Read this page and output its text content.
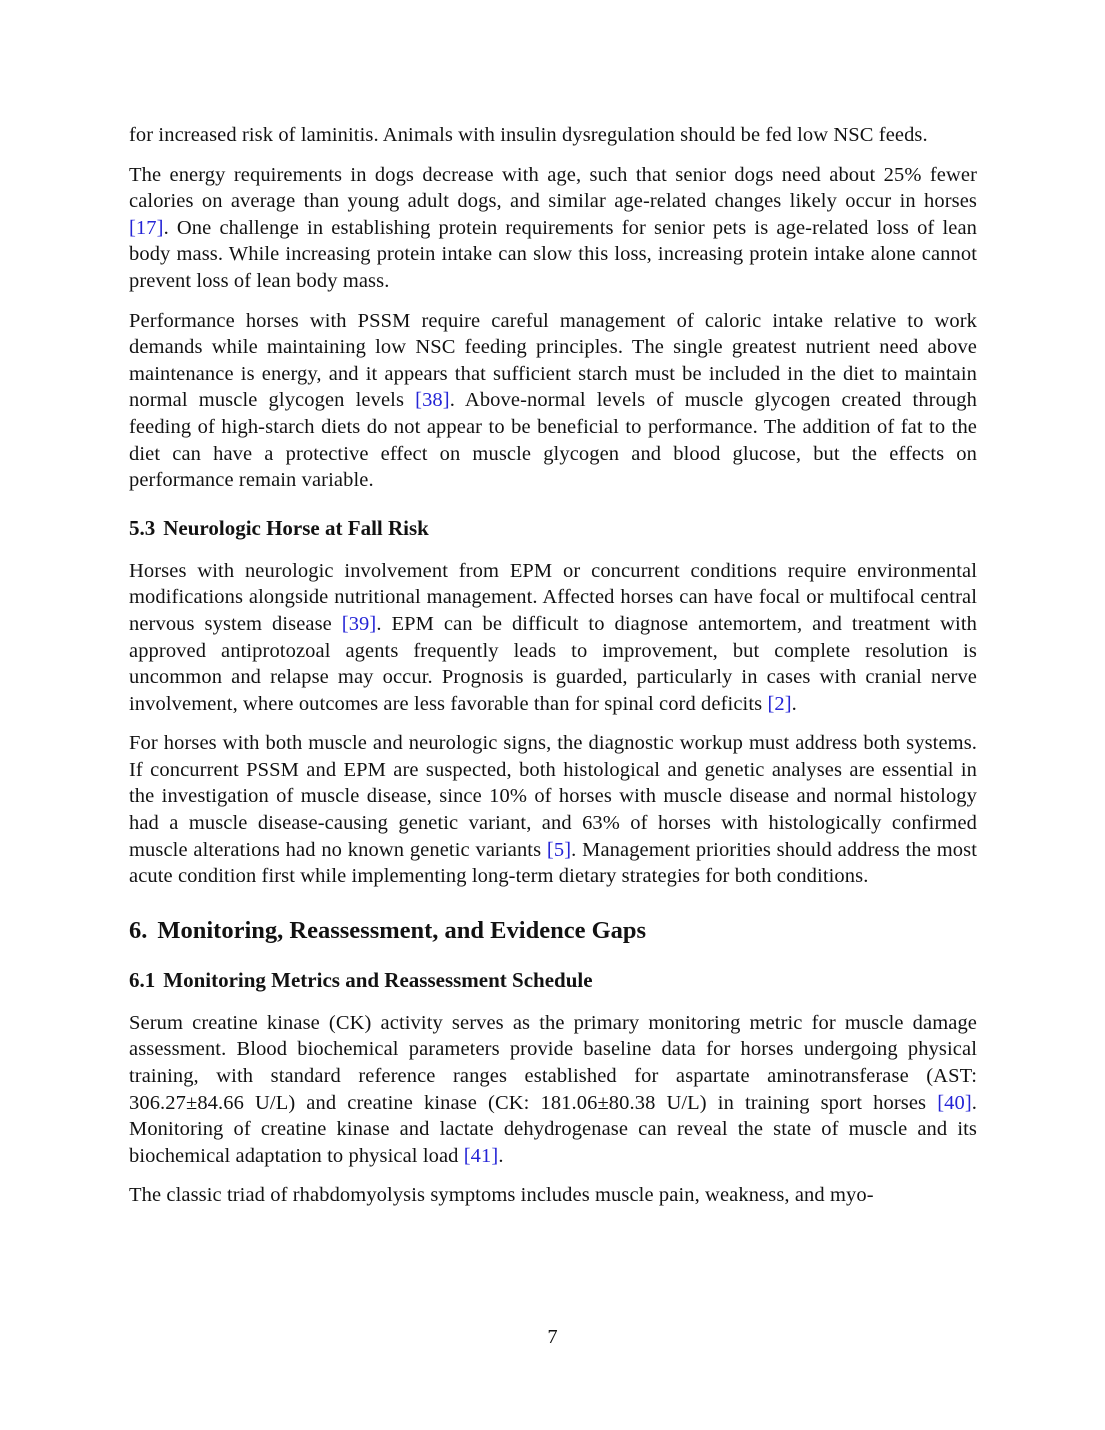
for increased risk of laminitis. Animals with insulin dysregulation should be fed low NSC feeds.

The energy requirements in dogs decrease with age, such that senior dogs need about 25% fewer calories on average than young adult dogs, and similar age-related changes likely occur in horses [17]. One challenge in establishing protein requirements for senior pets is age-related loss of lean body mass. While increasing protein intake can slow this loss, increasing protein intake alone cannot prevent loss of lean body mass.

Performance horses with PSSM require careful management of caloric intake relative to work demands while maintaining low NSC feeding principles. The single greatest nutrient need above maintenance is energy, and it appears that sufficient starch must be included in the diet to maintain normal muscle glycogen levels [38]. Above-normal levels of muscle glycogen created through feeding of high-starch diets do not appear to be beneficial to performance. The addition of fat to the diet can have a protective effect on muscle glycogen and blood glucose, but the effects on performance remain variable.

5.3 Neurologic Horse at Fall Risk

Horses with neurologic involvement from EPM or concurrent conditions require environmental modifications alongside nutritional management. Affected horses can have focal or multifocal central nervous system disease [39]. EPM can be difficult to diagnose antemortem, and treatment with approved antiprotozoal agents frequently leads to improvement, but complete resolution is uncommon and relapse may occur. Prognosis is guarded, particularly in cases with cranial nerve involvement, where outcomes are less favorable than for spinal cord deficits [2].

For horses with both muscle and neurologic signs, the diagnostic workup must address both systems. If concurrent PSSM and EPM are suspected, both histological and genetic analyses are essential in the investigation of muscle disease, since 10% of horses with muscle disease and normal histology had a muscle disease-causing genetic variant, and 63% of horses with histologically confirmed muscle alterations had no known genetic variants [5]. Management priorities should address the most acute condition first while implementing long-term dietary strategies for both conditions.

6. Monitoring, Reassessment, and Evidence Gaps
6.1 Monitoring Metrics and Reassessment Schedule

Serum creatine kinase (CK) activity serves as the primary monitoring metric for muscle damage assessment. Blood biochemical parameters provide baseline data for horses undergoing physical training, with standard reference ranges established for aspartate aminotransferase (AST: 306.27±84.66 U/L) and creatine kinase (CK: 181.06±80.38 U/L) in training sport horses [40]. Monitoring of creatine kinase and lactate dehydrogenase can reveal the state of muscle and its biochemical adaptation to physical load [41].

The classic triad of rhabdomyolysis symptoms includes muscle pain, weakness, and myo-

7
